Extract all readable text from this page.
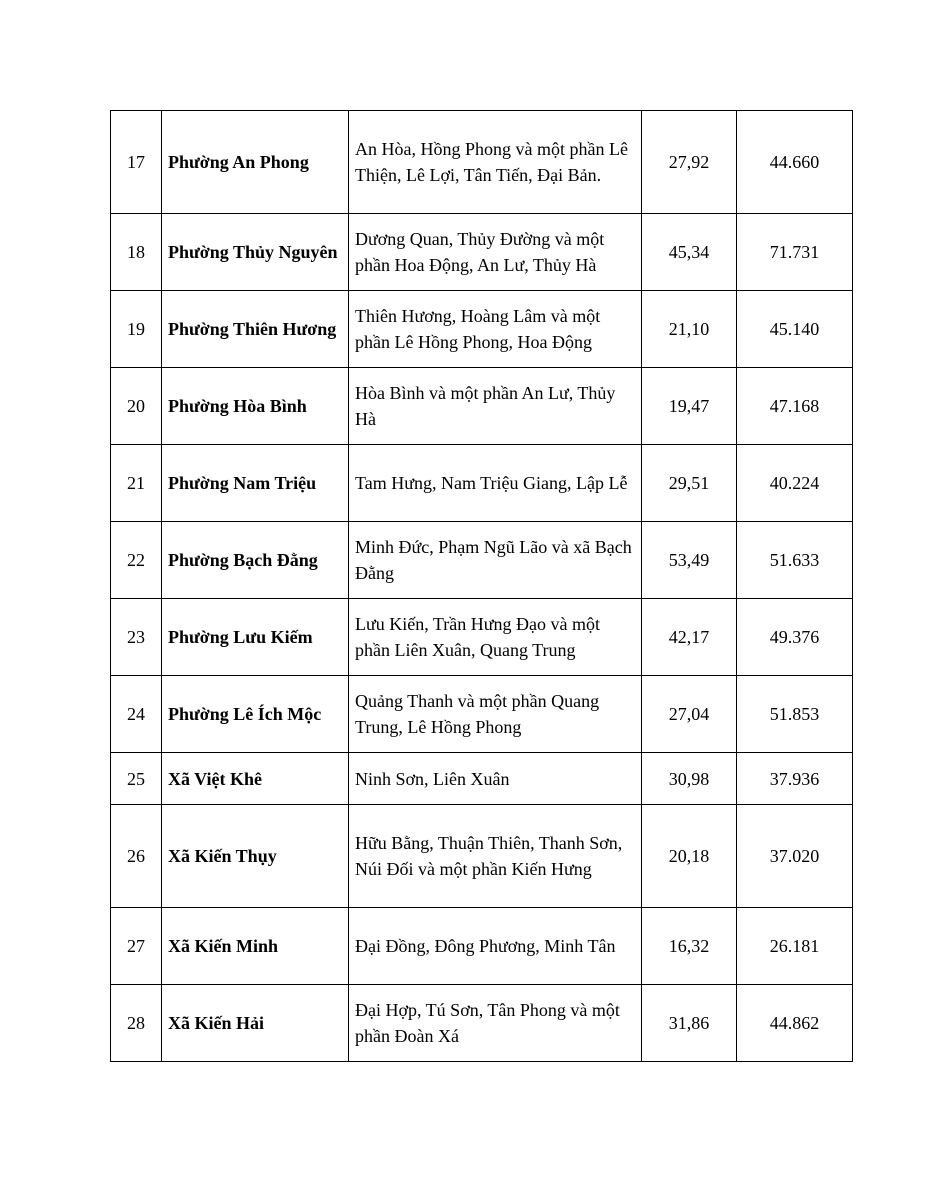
17	Phường An Phong	An Hòa, Hồng Phong và một phần Lê Thiện, Lê Lợi, Tân Tiến, Đại Bản.	27,92	44.660
18	Phường Thủy Nguyên	Dương Quan, Thủy Đường và một phần Hoa Động, An Lư, Thủy Hà	45,34	71.731
19	Phường Thiên Hương	Thiên Hương, Hoàng Lâm và một phần Lê Hồng Phong, Hoa Động	21,10	45.140
20	Phường Hòa Bình	Hòa Bình và một phần An Lư, Thủy Hà	19,47	47.168
21	Phường Nam Triệu	Tam Hưng, Nam Triệu Giang, Lập Lễ	29,51	40.224
22	Phường Bạch Đằng	Minh Đức, Phạm Ngũ Lão và xã Bạch Đằng	53,49	51.633
23	Phường Lưu Kiếm	Lưu Kiến, Trần Hưng Đạo và một phần Liên Xuân, Quang Trung	42,17	49.376
24	Phường Lê Ích Mộc	Quảng Thanh và một phần Quang Trung, Lê Hồng Phong	27,04	51.853
25	Xã Việt Khê	Ninh Sơn, Liên Xuân	30,98	37.936
26	Xã Kiến Thụy	Hữu Bằng, Thuận Thiên, Thanh Sơn, Núi Đối và một phần Kiến Hưng	20,18	37.020
27	Xã Kiến Minh	Đại Đồng, Đông Phương, Minh Tân	16,32	26.181
28	Xã Kiến Hải	Đại Hợp, Tú Sơn, Tân Phong và một phần Đoàn Xá	31,86	44.862
